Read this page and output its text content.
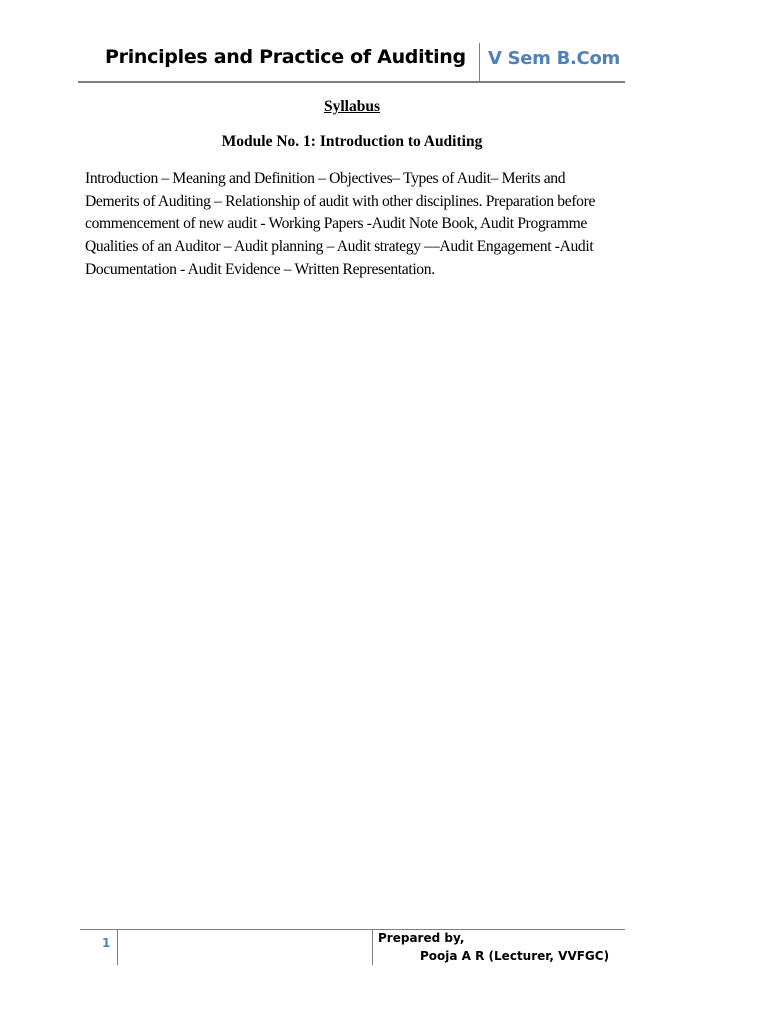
Principles and Practice of Auditing V Sem B.Com
Syllabus
Module No. 1: Introduction to Auditing
Introduction – Meaning and Definition – Objectives– Types of Audit– Merits and Demerits of Auditing – Relationship of audit with other disciplines. Preparation before commencement of new audit - Working Papers -Audit Note Book, Audit Programme Qualities of an Auditor – Audit planning – Audit strategy —Audit Engagement -Audit Documentation - Audit Evidence – Written Representation.
1	Prepared by,
Pooja A R (Lecturer, VVFGC)
